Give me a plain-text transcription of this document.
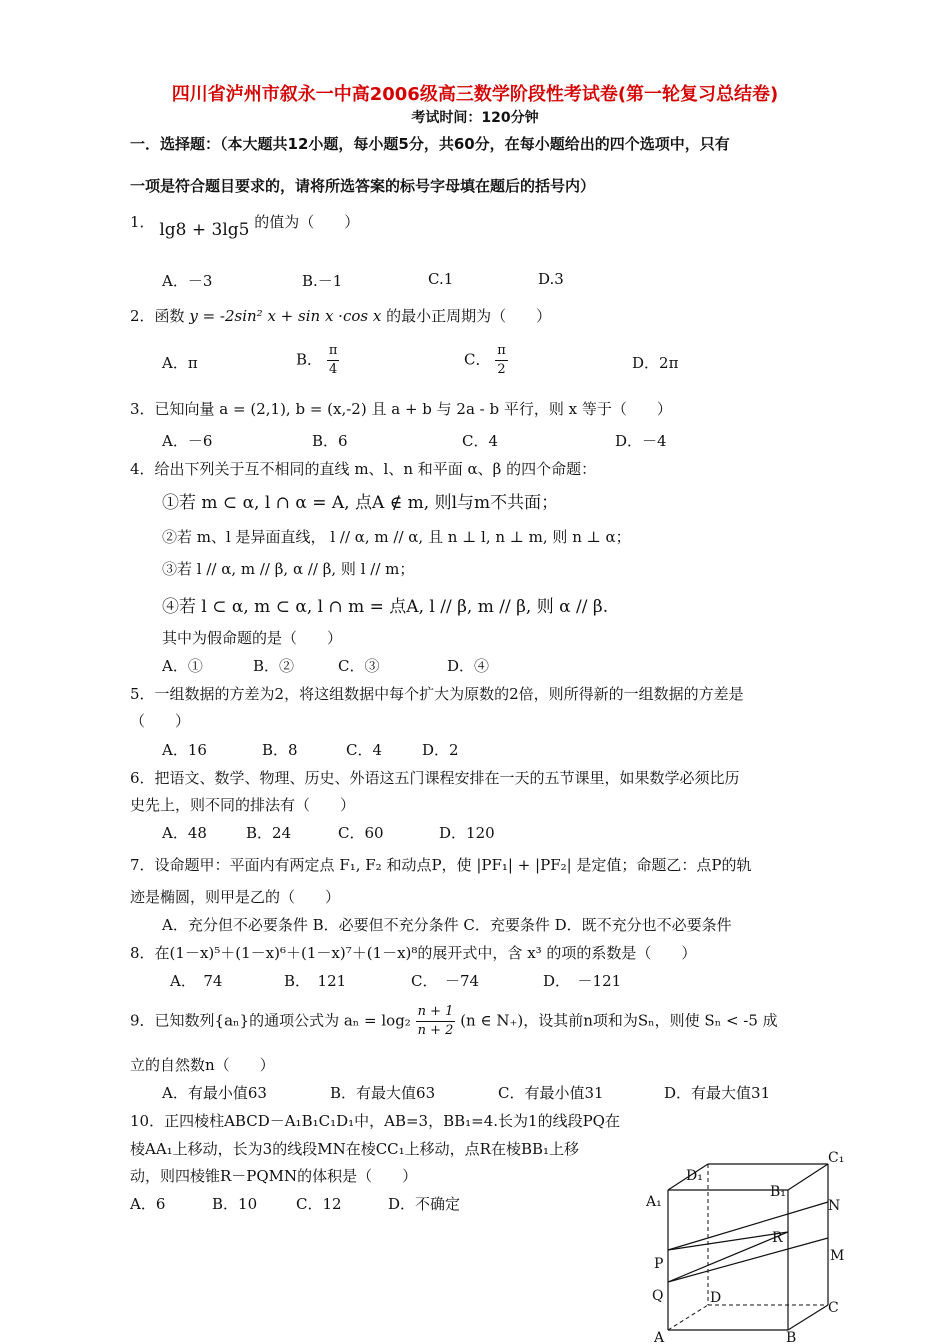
四川省泸州市叙永一中高2006级高三数学阶段性考试卷(第一轮复习总结卷)
考试时间：120分钟
一．选择题：（本大题共12小题，每小题5分，共60分，在每小题给出的四个选项中，只有
一项是符合题目要求的，请将所选答案的标号字母填在题后的括号内）
1． lg8 + 3lg5 的值为（　　）
A．－3	B.－1	C.1	D.3
2．函数 y = -2sin² x + sin x ·cos x 的最小正周期为（　　）
A．π	B． $\frac{\pi}{4}$	C． $\frac{\pi}{2}$	D．2π
3．已知向量 a = (2,1), b = (x,-2) 且 a + b 与 2a - b 平行，则 x 等于（　　）
A．－6	B．6	C．4	D．－4
4．给出下列关于互不相同的直线 m、l、n 和平面 α、β 的四个命题：
①若 m ⊂ α, l ∩ α = A, 点A ∉ m, 则l与m不共面；
②若 m、l 是异面直线， l // α, m // α, 且 n ⊥ l, n ⊥ m, 则 n ⊥ α；
③若 l // α, m // β, α // β, 则 l // m；
④若 l ⊂ α, m ⊂ α, l ∩ m = 点A, l // β, m // β, 则 α // β.
其中为假命题的是（　　）
A．①	B．②	C．③	D．④
5．一组数据的方差为2，将这组数据中每个扩大为原数的2倍，则所得新的一组数据的方差是
（　　）
A．16	B．8	C．4	D．2
6．把语文、数学、物理、历史、外语这五门课程安排在一天的五节课里，如果数学必须比历
史先上，则不同的排法有（　　）
A．48	B．24	C．60	D．120
7．设命题甲：平面内有两定点 F₁, F₂ 和动点P，使 |PF₁| + |PF₂| 是定值；命题乙：点P的轨
迹是椭圆，则甲是乙的（　　）
A．充分但不必要条件 B．必要但不充分条件 C．充要条件 D．既不充分也不必要条件
8．在(1－x)⁵＋(1－x)⁶＋(1－x)⁷＋(1－x)⁸的展开式中，含 x³ 的项的系数是（　　）
A．　74	B．　121	C．　－74	D．　－121
9．已知数列{aₙ}的通项公式为 $a_n = \log_2 \frac{n + 1}{n + 2} (n$ ∈ N₊)，设其前n项和为Sₙ，则使 Sₙ < -5 成
立的自然数n（　　）
A．有最小值63	B．有最大值63	C．有最小值31	D．有最大值31
10．正四棱柱ABCD－A₁B₁C₁D₁中，AB=3，BB₁=4.长为1的线段PQ在
棱AA₁上移动，长为3的线段MN在棱CC₁上移动，点R在棱BB₁上移
动，则四棱锥R－PQMN的体积是（　　）
A．6	B．10	C．12	D．不确定
D₁
C₁
B₁
A₁	N
R
M
P
Q	D
C
A	B
